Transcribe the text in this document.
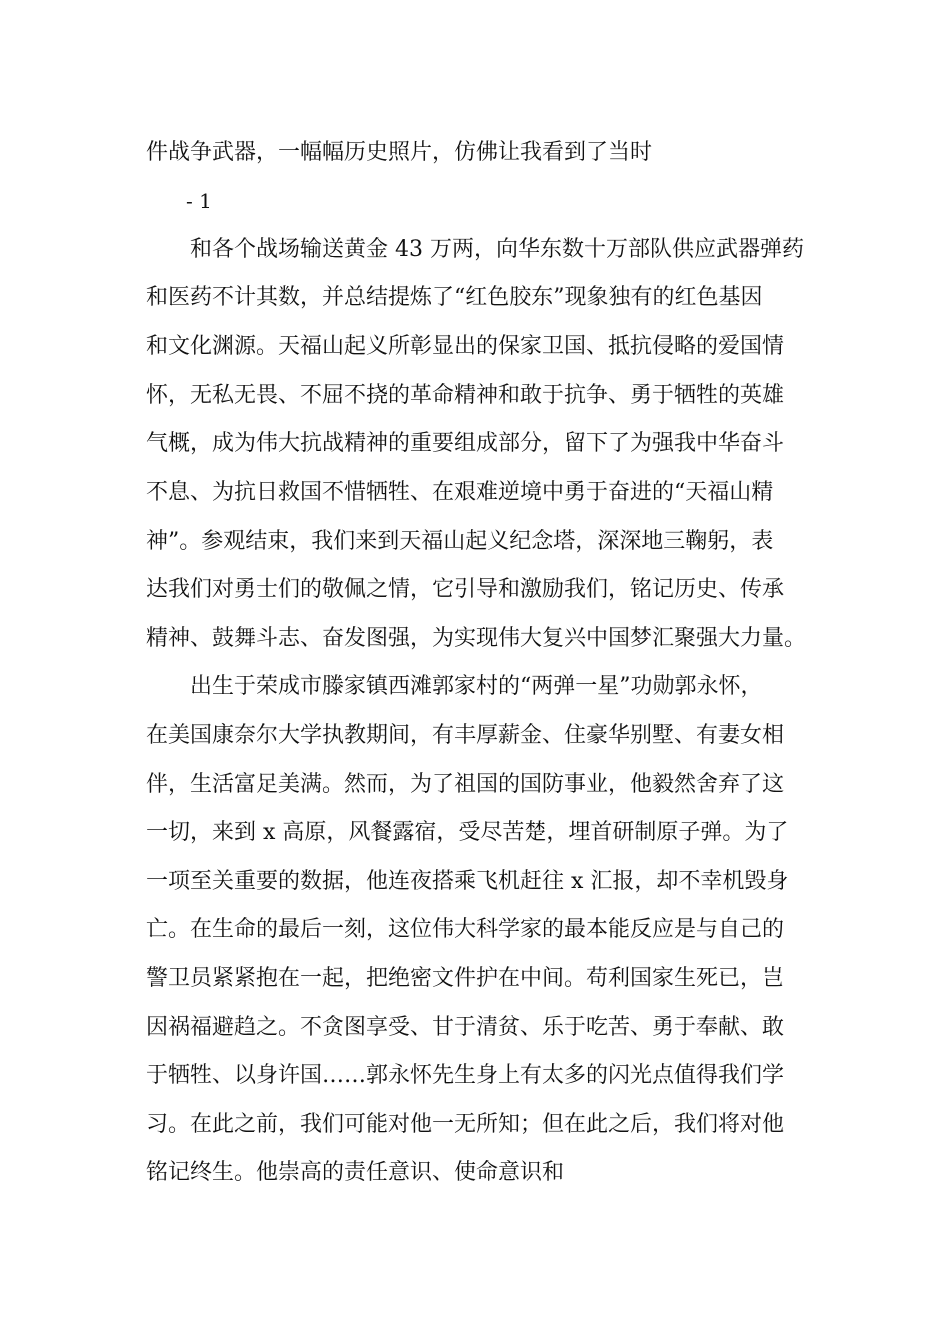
件战争武器，一幅幅历史照片，仿佛让我看到了当时
- 1
和各个战场输送黄金 43 万两，向华东数十万部队供应武器弹药
和医药不计其数，并总结提炼了“红色胶东”现象独有的红色基因
和文化渊源。天福山起义所彰显出的保家卫国、抵抗侵略的爱国情
怀，无私无畏、不屈不挠的革命精神和敢于抗争、勇于牺牲的英雄
气概，成为伟大抗战精神的重要组成部分，留下了为强我中华奋斗
不息、为抗日救国不惜牺牲、在艰难逆境中勇于奋进的“天福山精
神”。参观结束，我们来到天福山起义纪念塔，深深地三鞠躬，表
达我们对勇士们的敬佩之情，它引导和激励我们，铭记历史、传承
精神、鼓舞斗志、奋发图强，为实现伟大复兴中国梦汇聚强大力量。
出生于荣成市滕家镇西滩郭家村的“两弹一星”功勋郭永怀，
在美国康奈尔大学执教期间，有丰厚薪金、住豪华别墅、有妻女相
伴，生活富足美满。然而，为了祖国的国防事业，他毅然舍弃了这
一切，来到 x 高原，风餐露宿，受尽苦楚，埋首研制原子弹。为了
一项至关重要的数据，他连夜搭乘飞机赶往 x 汇报，却不幸机毁身
亡。在生命的最后一刻，这位伟大科学家的最本能反应是与自己的
警卫员紧紧抱在一起，把绝密文件护在中间。苟利国家生死已，岂
因祸福避趋之。不贪图享受、甘于清贫、乐于吃苦、勇于奉献、敢
于牺牲、以身许国……郭永怀先生身上有太多的闪光点值得我们学
习。在此之前，我们可能对他一无所知；但在此之后，我们将对他
铭记终生。他崇高的责任意识、使命意识和
